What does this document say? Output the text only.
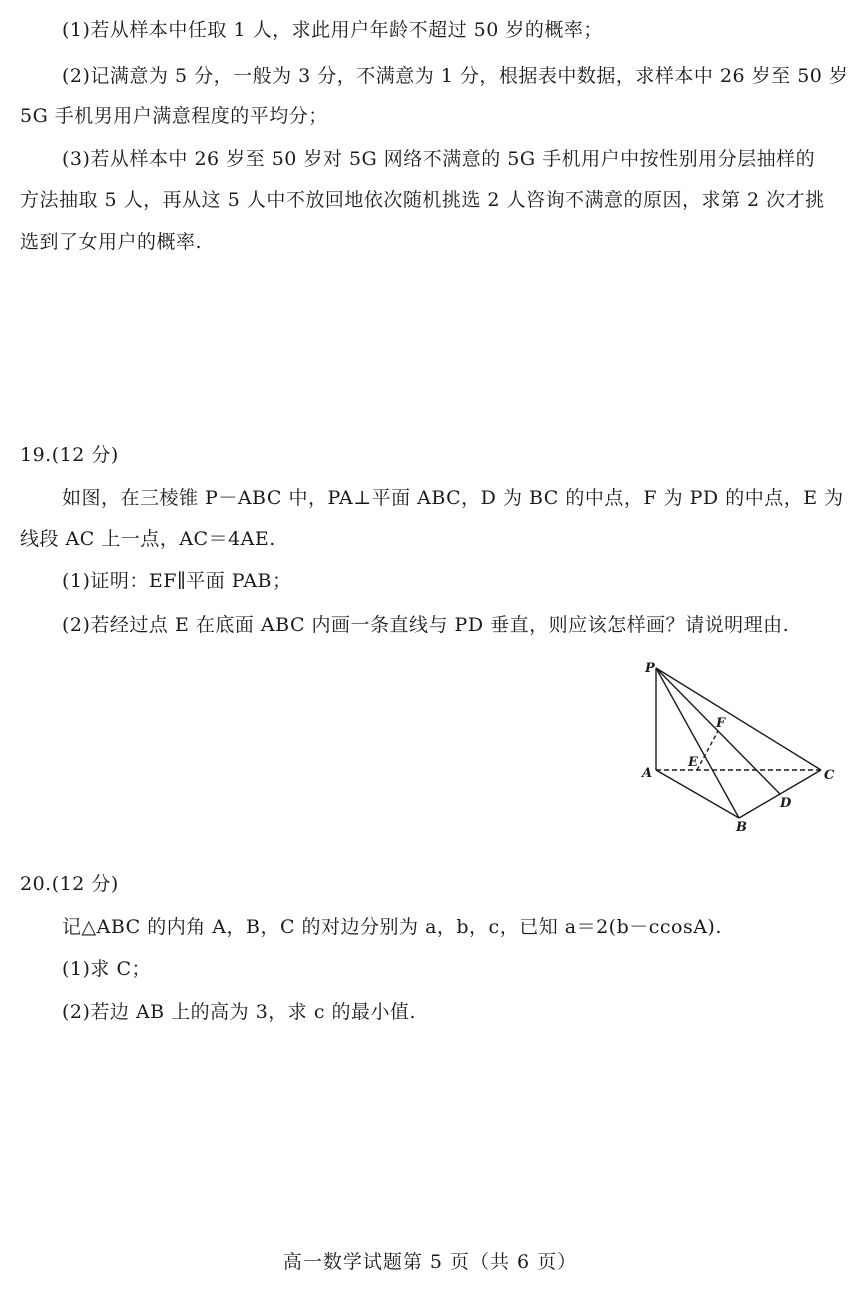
(1)若从样本中任取 1 人，求此用户年龄不超过 50 岁的概率；
(2)记满意为 5 分，一般为 3 分，不满意为 1 分，根据表中数据，求样本中 26 岁至 50 岁
5G 手机男用户满意程度的平均分；
(3)若从样本中 26 岁至 50 岁对 5G 网络不满意的 5G 手机用户中按性别用分层抽样的
方法抽取 5 人，再从这 5 人中不放回地依次随机挑选 2 人咨询不满意的原因，求第 2 次才挑
选到了女用户的概率.
19.(12 分)
如图，在三棱锥 P－ABC 中，PA⊥平面 ABC，D 为 BC 的中点，F 为 PD 的中点，E 为
线段 AC 上一点，AC＝4AE.
(1)证明：EF∥平面 PAB；
(2)若经过点 E 在底面 ABC 内画一条直线与 PD 垂直，则应该怎样画？请说明理由.
P
F
E
A	C
D
B
20.(12 分)
记△ABC 的内角 A，B，C 的对边分别为 a，b，c，已知 a＝2(b－ccosA).
(1)求 C；
(2)若边 AB 上的高为 3，求 c 的最小值.
高一数学试题第 5 页（共 6 页）
